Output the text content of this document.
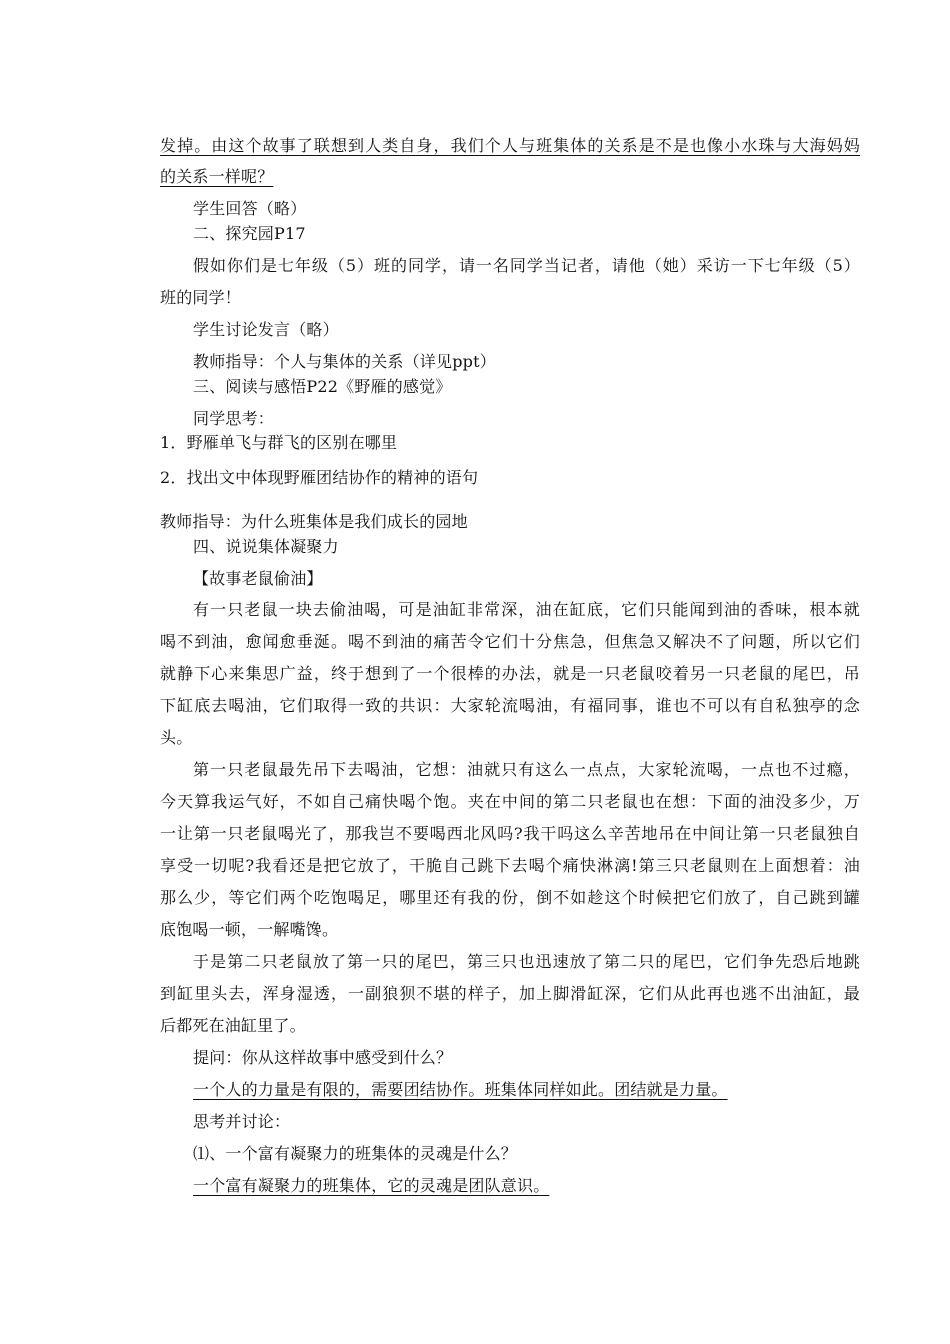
发掉。由这个故事了联想到人类自身，我们个人与班集体的关系是不是也像小水珠与大海妈妈
的关系一样呢？
学生回答（略）
二、探究园P17
假如你们是七年级（5）班的同学，请一名同学当记者，请他（她）采访一下七年级（5）
班的同学！
学生讨论发言（略）
教师指导：个人与集体的关系（详见ppt）
三、阅读与感悟P22《野雁的感觉》
同学思考：
1．野雁单飞与群飞的区别在哪里
2．找出文中体现野雁团结协作的精神的语句
教师指导：为什么班集体是我们成长的园地
四、说说集体凝聚力
【故事老鼠偷油】
有一只老鼠一块去偷油喝，可是油缸非常深，油在缸底，它们只能闻到油的香味，根本就
喝不到油，愈闻愈垂涎。喝不到油的痛苦令它们十分焦急，但焦急又解决不了问题，所以它们
就静下心来集思广益，终于想到了一个很棒的办法，就是一只老鼠咬着另一只老鼠的尾巴，吊
下缸底去喝油，它们取得一致的共识：大家轮流喝油，有福同事，谁也不可以有自私独亭的念
头。
第一只老鼠最先吊下去喝油，它想：油就只有这么一点点，大家轮流喝，一点也不过瘾，
今天算我运气好，不如自己痛快喝个饱。夹在中间的第二只老鼠也在想：下面的油没多少，万
一让第一只老鼠喝光了，那我岂不要喝西北风吗?我干吗这么辛苦地吊在中间让第一只老鼠独自
享受一切呢?我看还是把它放了，干脆自己跳下去喝个痛快淋漓!第三只老鼠则在上面想着：油
那么少，等它们两个吃饱喝足，哪里还有我的份，倒不如趁这个时候把它们放了，自己跳到罐
底饱喝一顿，一解嘴馋。
于是第二只老鼠放了第一只的尾巴，第三只也迅速放了第二只的尾巴，它们争先恐后地跳
到缸里头去，浑身湿透，一副狼狈不堪的样子，加上脚滑缸深，它们从此再也逃不出油缸，最
后都死在油缸里了。
提问：你从这样故事中感受到什么？
一个人的力量是有限的，需要团结协作。班集体同样如此。团结就是力量。
思考并讨论：
⑴、一个富有凝聚力的班集体的灵魂是什么？
一个富有凝聚力的班集体，它的灵魂是团队意识。
